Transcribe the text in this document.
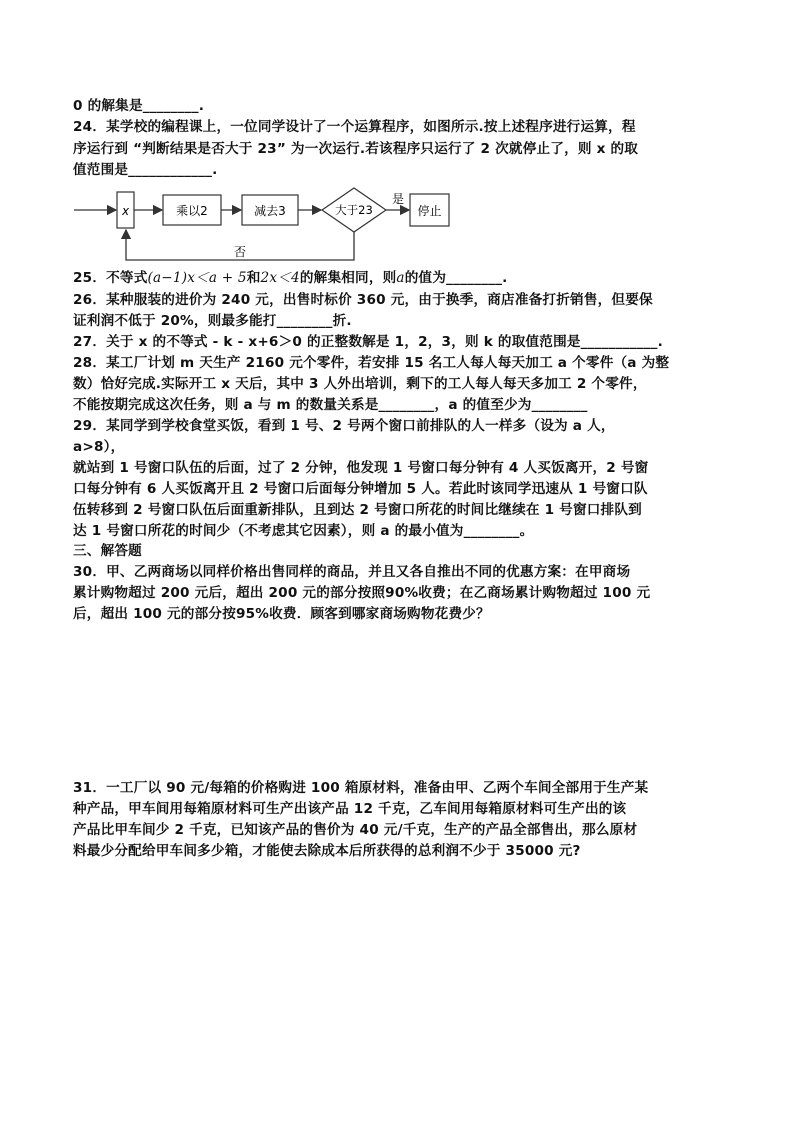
0 的解集是________.
24．某学校的编程课上，一位同学设计了一个运算程序，如图所示.按上述程序进行运算，程
序运行到 “判断结果是否大于 23” 为一次运行.若该程序只运行了 2 次就停止了，则 x 的取
值范围是____________.
x	乘以2	减去3	大于23
是
停止
否
25．不等式(a−1)x＜a + 5和2x＜4的解集相同，则a的值为________.
26．某种服装的进价为 240 元，出售时标价 360 元，由于换季，商店准备打折销售，但要保
证利润不低于 20%，则最多能打________折.
27．关于 x 的不等式 - k - x+6＞0 的正整数解是 1，2，3，则 k 的取值范围是___________.
28．某工厂计划 m 天生产 2160 元个零件，若安排 15 名工人每人每天加工 a 个零件（a 为整
数）恰好完成.实际开工 x 天后，其中 3 人外出培训，剩下的工人每人每天多加工 2 个零件，
不能按期完成这次任务，则 a 与 m 的数量关系是________，a 的值至少为________
29．某同学到学校食堂买饭，看到 1 号、2 号两个窗口前排队的人一样多（设为 a 人，
a>8），
就站到 1 号窗口队伍的后面，过了 2 分钟，他发现 1 号窗口每分钟有 4 人买饭离开，2 号窗
口每分钟有 6 人买饭离开且 2 号窗口后面每分钟增加 5 人。若此时该同学迅速从 1 号窗口队
伍转移到 2 号窗口队伍后面重新排队，且到达 2 号窗口所花的时间比继续在 1 号窗口排队到
达 1 号窗口所花的时间少（不考虑其它因素），则 a 的最小值为________。
三、解答题
30．甲、乙两商场以同样价格出售同样的商品，并且又各自推出不同的优惠方案：在甲商场
累计购物超过 200 元后，超出 200 元的部分按照90%收费；在乙商场累计购物超过 100 元
后，超出 100 元的部分按95%收费．顾客到哪家商场购物花费少？
31．一工厂以 90 元/每箱的价格购进 100 箱原材料，准备由甲、乙两个车间全部用于生产某
种产品，甲车间用每箱原材料可生产出该产品 12 千克，乙车间用每箱原材料可生产出的该
产品比甲车间少 2 千克，已知该产品的售价为 40 元/千克，生产的产品全部售出，那么原材
料最少分配给甲车间多少箱，才能使去除成本后所获得的总利润不少于 35000 元?
